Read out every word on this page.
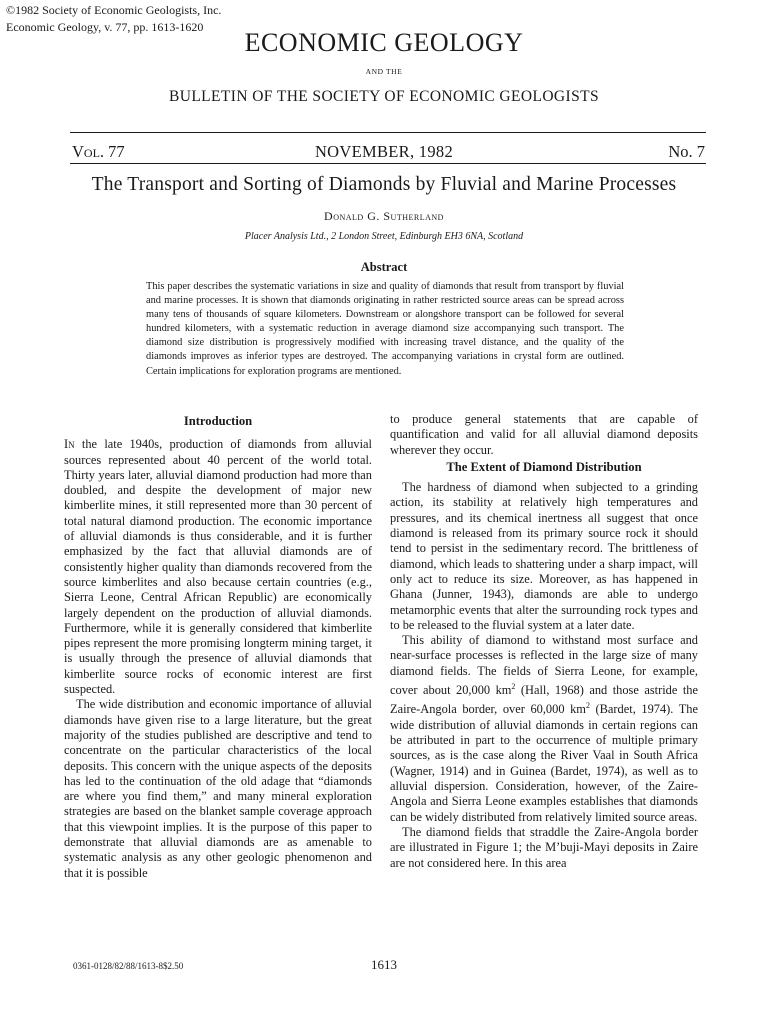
©1982 Society of Economic Geologists, Inc.
Economic Geology, v. 77, pp. 1613-1620
ECONOMIC GEOLOGY
AND THE
BULLETIN OF THE SOCIETY OF ECONOMIC GEOLOGISTS
Vol. 77	NOVEMBER, 1982	No. 7
The Transport and Sorting of Diamonds by Fluvial and Marine Processes
Donald G. Sutherland
Placer Analysis Ltd., 2 London Street, Edinburgh EH3 6NA, Scotland
Abstract
This paper describes the systematic variations in size and quality of diamonds that result from transport by fluvial and marine processes. It is shown that diamonds originating in rather restricted source areas can be spread across many tens of thousands of square kilometers. Downstream or alongshore transport can be followed for several hundred kilometers, with a systematic reduction in average diamond size accompanying such transport. The diamond size distribution is progressively modified with increasing travel distance, and the quality of the diamonds improves as inferior types are destroyed. The accompanying variations in crystal form are outlined. Certain implications for exploration programs are mentioned.
Introduction

In the late 1940s, production of diamonds from alluvial sources represented about 40 percent of the world total. Thirty years later, alluvial diamond production had more than doubled, and despite the development of major new kimberlite mines, it still represented more than 30 percent of total natural diamond production. The economic importance of alluvial diamonds is thus considerable, and it is further emphasized by the fact that alluvial diamonds are of consistently higher quality than diamonds recovered from the source kimberlites and also because certain countries (e.g., Sierra Leone, Central African Republic) are economically largely dependent on the production of alluvial diamonds. Furthermore, while it is generally considered that kimberlite pipes represent the more promising longterm mining target, it is usually through the presence of alluvial diamonds that kimberlite source rocks of economic interest are first suspected.

The wide distribution and economic importance of alluvial diamonds have given rise to a large literature, but the great majority of the studies published are descriptive and tend to concentrate on the particular characteristics of the local deposits. This concern with the unique aspects of the deposits has led to the continuation of the old adage that “diamonds are where you find them,” and many mineral exploration strategies are based on the blanket sample coverage approach that this viewpoint implies. It is the purpose of this paper to demonstrate that alluvial diamonds are as amenable to systematic analysis as any other geologic phenomenon and that it is possible

to produce general statements that are capable of quantification and valid for all alluvial diamond deposits wherever they occur.

The Extent of Diamond Distribution

The hardness of diamond when subjected to a grinding action, its stability at relatively high temperatures and pressures, and its chemical inertness all suggest that once diamond is released from its primary source rock it should tend to persist in the sedimentary record. The brittleness of diamond, which leads to shattering under a sharp impact, will only act to reduce its size. Moreover, as has happened in Ghana (Junner, 1943), diamonds are able to undergo metamorphic events that alter the surrounding rock types and to be released to the fluvial system at a later date.

This ability of diamond to withstand most surface and near-surface processes is reflected in the large size of many diamond fields. The fields of Sierra Leone, for example, cover about 20,000 $km^2$ (Hall, 1968) and those astride the Zaire-Angola border, over 60,000 $km^2$ (Bardet, 1974). The wide distribution of alluvial diamonds in certain regions can be attributed in part to the occurrence of multiple primary sources, as is the case along the River Vaal in South Africa (Wagner, 1914) and in Guinea (Bardet, 1974), as well as to alluvial dispersion. Consideration, however, of the Zaire-Angola and Sierra Leone examples establishes that diamonds can be widely distributed from relatively limited source areas.

The diamond fields that straddle the Zaire-Angola border are illustrated in Figure 1; the M’buji-Mayi deposits in Zaire are not considered here. In this area

0361-0128/82/88/1613-8$2.50	1613
